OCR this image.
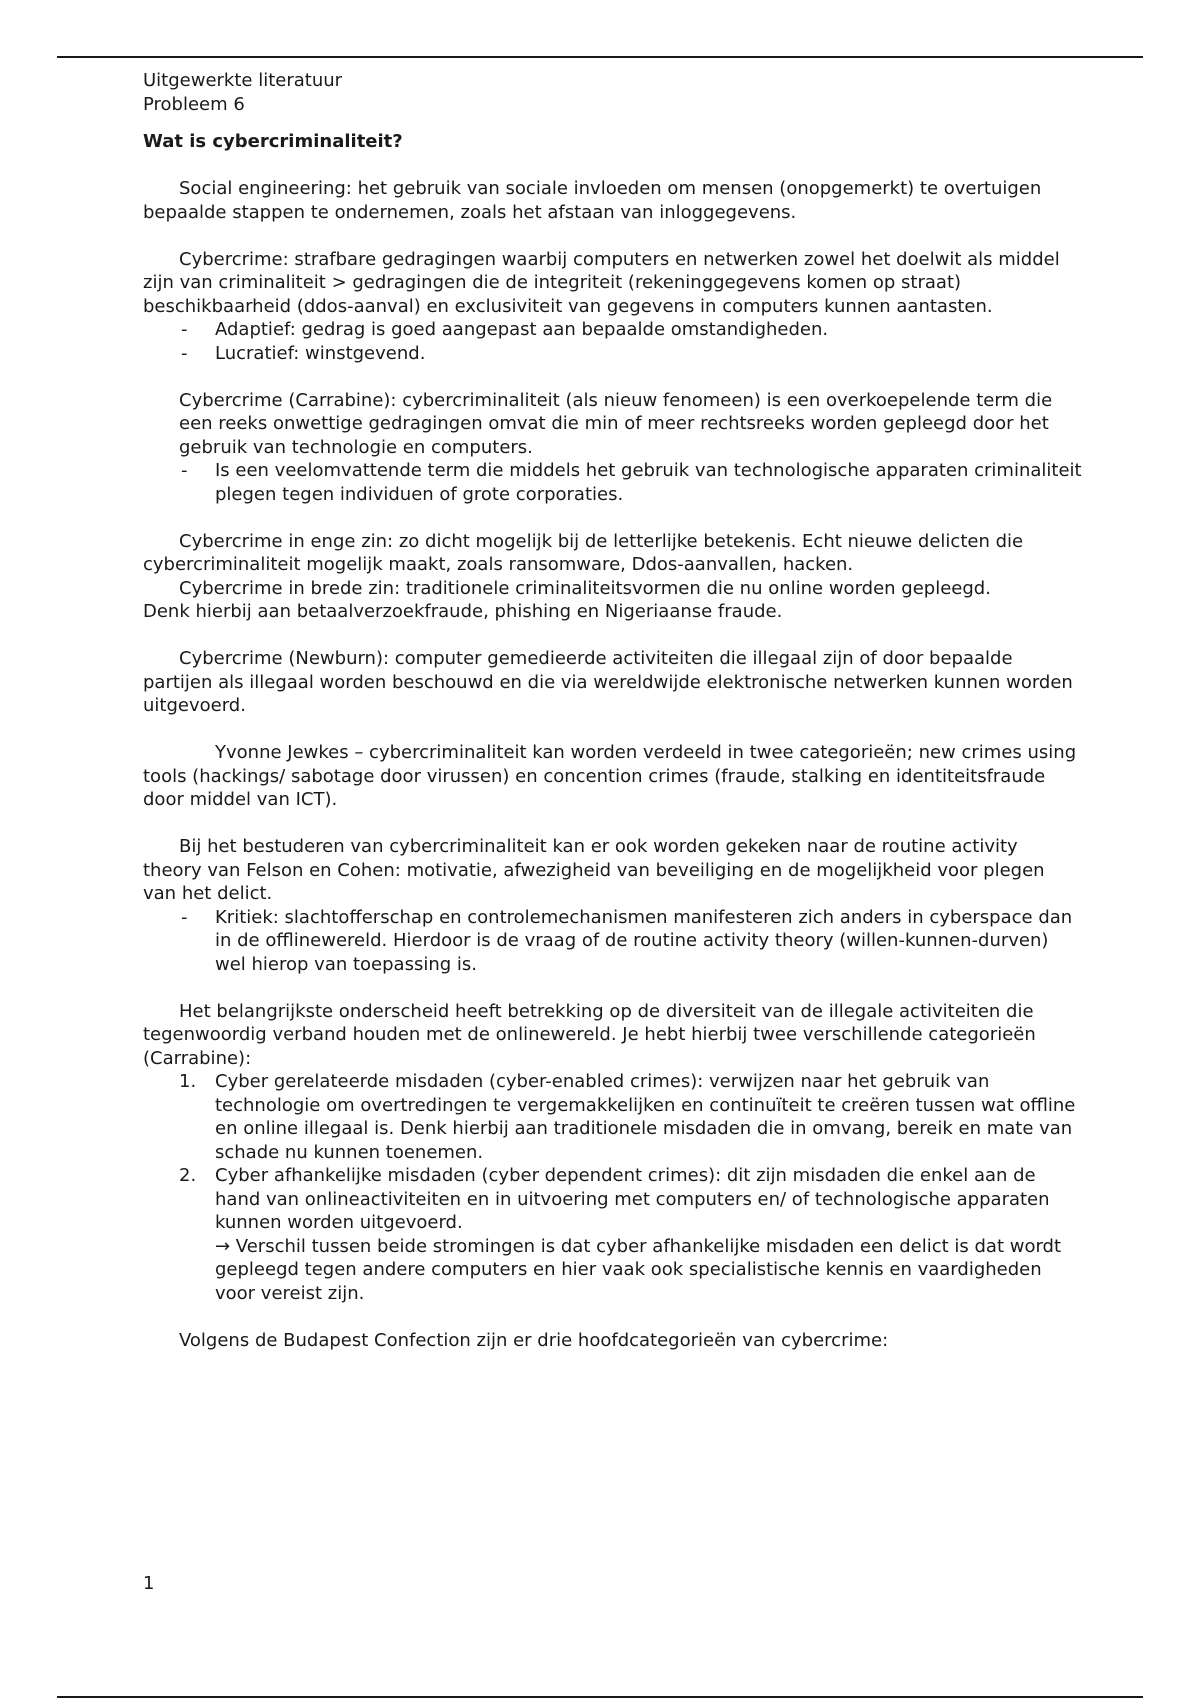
Uitgewerkte literatuur

Probleem 6

Wat is cybercriminaliteit?

Social engineering: het gebruik van sociale invloeden om mensen (onopgemerkt) te overtuigen bepaalde stappen te ondernemen, zoals het afstaan van inloggegevens.

Cybercrime: strafbare gedragingen waarbij computers en netwerken zowel het doelwit als middel zijn van criminaliteit > gedragingen die de integriteit (rekeninggegevens komen op straat) beschikbaarheid (ddos-aanval) en exclusiviteit van gegevens in computers kunnen aantasten.

- Adaptief: gedrag is goed aangepast aan bepaalde omstandigheden.
- Lucratief: winstgevend.

Cybercrime (Carrabine): cybercriminaliteit (als nieuw fenomeen) is een overkoepelende term die een reeks onwettige gedragingen omvat die min of meer rechtsreeks worden gepleegd door het gebruik van technologie en computers.

- Is een veelomvattende term die middels het gebruik van technologische apparaten criminaliteit plegen tegen individuen of grote corporaties.

Cybercrime in enge zin: zo dicht mogelijk bij de letterlijke betekenis. Echt nieuwe delicten die

cybercriminaliteit mogelijk maakt, zoals ransomware, Ddos-aanvallen, hacken.

Cybercrime in brede zin: traditionele criminaliteitsvormen die nu online worden gepleegd.

Denk hierbij aan betaalverzoekfraude, phishing en Nigeriaanse fraude.

Cybercrime (Newburn): computer gemedieerde activiteiten die illegaal zijn of door bepaalde

partijen als illegaal worden beschouwd en die via wereldwijde elektronische netwerken kunnen worden uitgevoerd.

Yvonne Jewkes – cybercriminaliteit kan worden verdeeld in twee categorieën; new crimes using tools (hackings/ sabotage door virussen) en concention crimes (fraude, stalking en identiteitsfraude door middel van ICT).

Bij het bestuderen van cybercriminaliteit kan er ook worden gekeken naar de routine activity

theory van Felson en Cohen: motivatie, afwezigheid van beveiliging en de mogelijkheid voor plegen van het delict.

- Kritiek: slachtofferschap en controlemechanismen manifesteren zich anders in cyberspace dan in de offlinewereld. Hierdoor is de vraag of de routine activity theory (willen-kunnen-durven) wel hierop van toepassing is.

Het belangrijkste onderscheid heeft betrekking op de diversiteit van de illegale activiteiten die

tegenwoordig verband houden met de onlinewereld. Je hebt hierbij twee verschillende categorieën (Carrabine):

1. Cyber gerelateerde misdaden (cyber-enabled crimes): verwijzen naar het gebruik van technologie om overtredingen te vergemakkelijken en continuïteit te creëren tussen wat offline en online illegaal is. Denk hierbij aan traditionele misdaden die in omvang, bereik en mate van schade nu kunnen toenemen.
2. Cyber afhankelijke misdaden (cyber dependent crimes): dit zijn misdaden die enkel aan de hand van onlineactiviteiten en in uitvoering met computers en/ of technologische apparaten kunnen worden uitgevoerd.
→ Verschil tussen beide stromingen is dat cyber afhankelijke misdaden een delict is dat wordt gepleegd tegen andere computers en hier vaak ook specialistische kennis en vaardigheden voor vereist zijn.

Volgens de Budapest Confection zijn er drie hoofdcategorieën van cybercrime:

1
